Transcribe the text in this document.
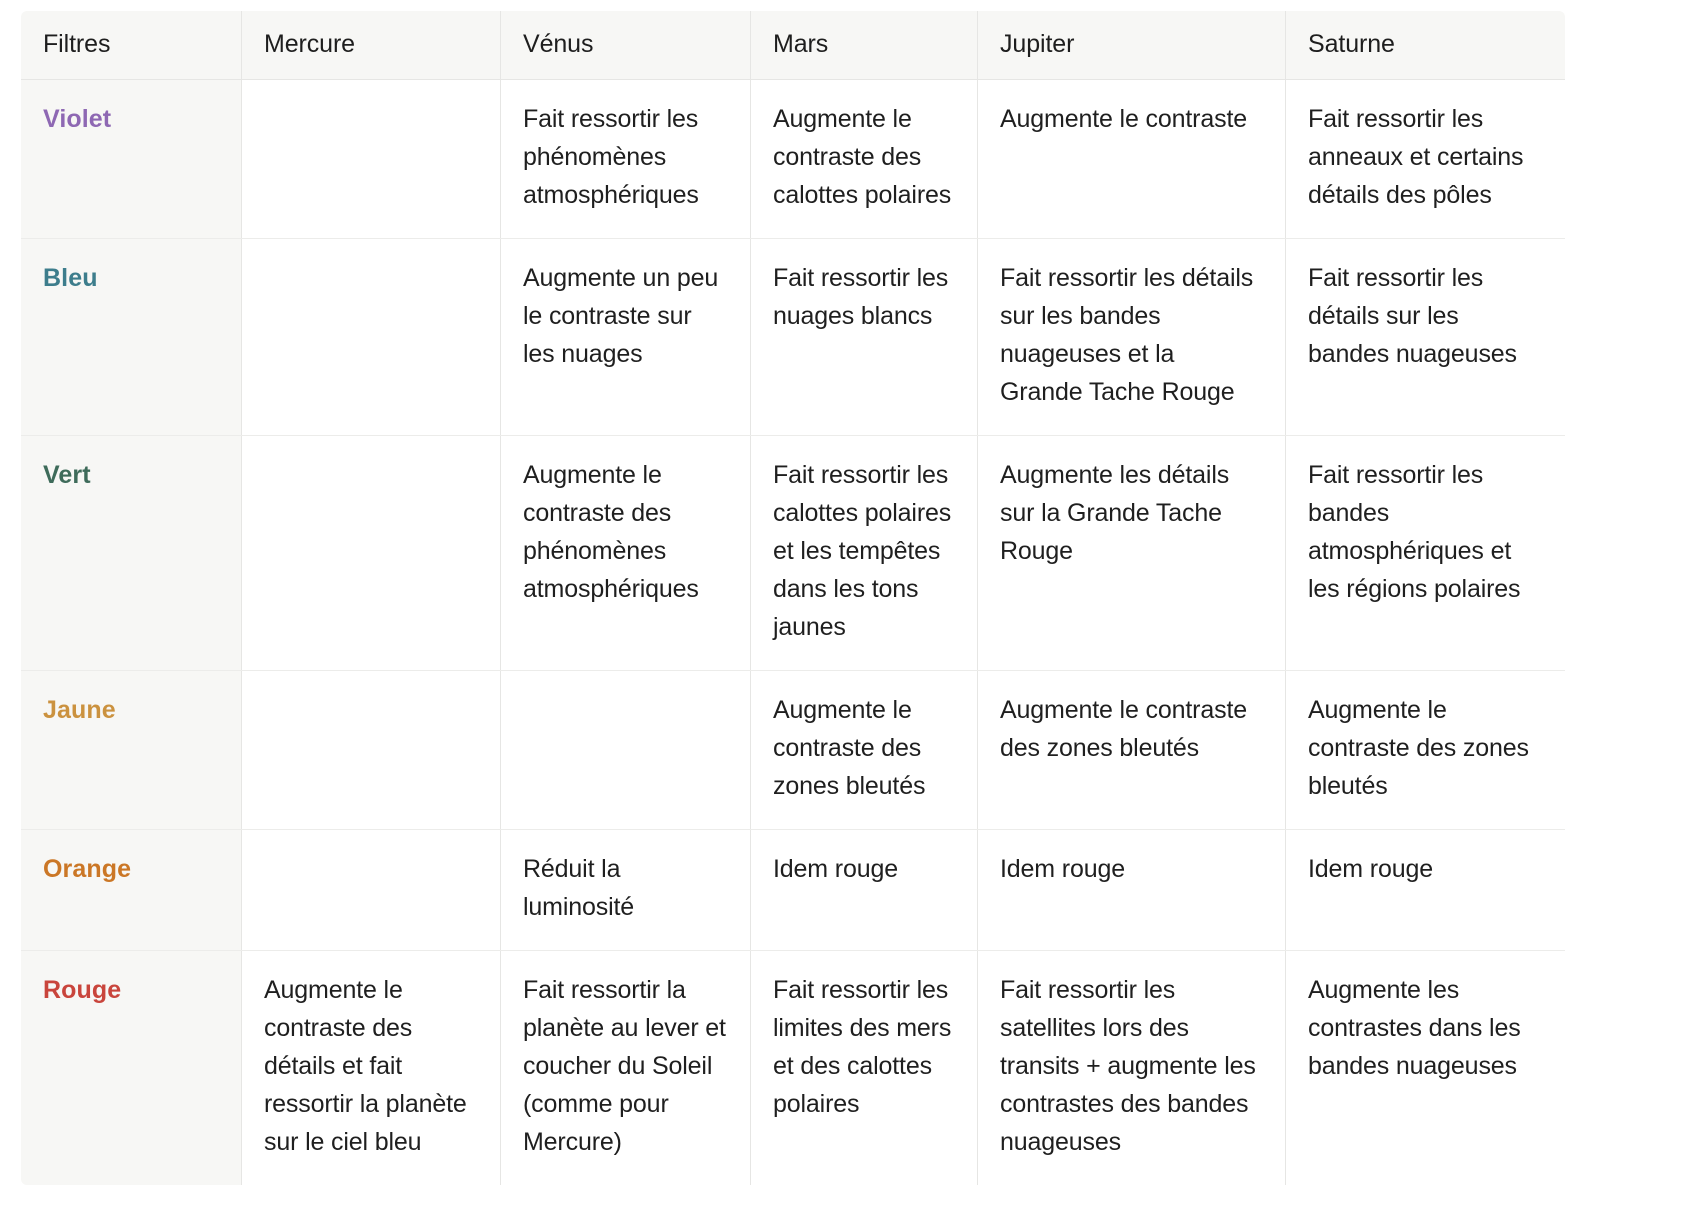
Filtres	Mercure	Vénus	Mars	Jupiter	Saturne
Violet		Fait ressortir les phénomènes atmosphériques	Augmente le contraste des calottes polaires	Augmente le contraste	Fait ressortir les anneaux et certains détails des pôles
Bleu		Augmente un peu le contraste sur les nuages	Fait ressortir les nuages blancs	Fait ressortir les détails sur les bandes nuageuses et la Grande Tache Rouge	Fait ressortir les détails sur les bandes nuageuses
Vert		Augmente le contraste des phénomènes atmosphériques	Fait ressortir les calottes polaires et les tempêtes dans les tons jaunes	Augmente les détails sur la Grande Tache Rouge	Fait ressortir les bandes atmosphériques et les régions polaires
Jaune			Augmente le contraste des zones bleutés	Augmente le contraste des zones bleutés	Augmente le contraste des zones bleutés
Orange		Réduit la luminosité	Idem rouge	Idem rouge	Idem rouge
Rouge	Augmente le contraste des détails et fait ressortir la planète sur le ciel bleu	Fait ressortir la planète au lever et coucher du Soleil (comme pour Mercure)	Fait ressortir les limites des mers et des calottes polaires	Fait ressortir les satellites lors des transits + augmente les contrastes des bandes nuageuses	Augmente les contrastes dans les bandes nuageuses
